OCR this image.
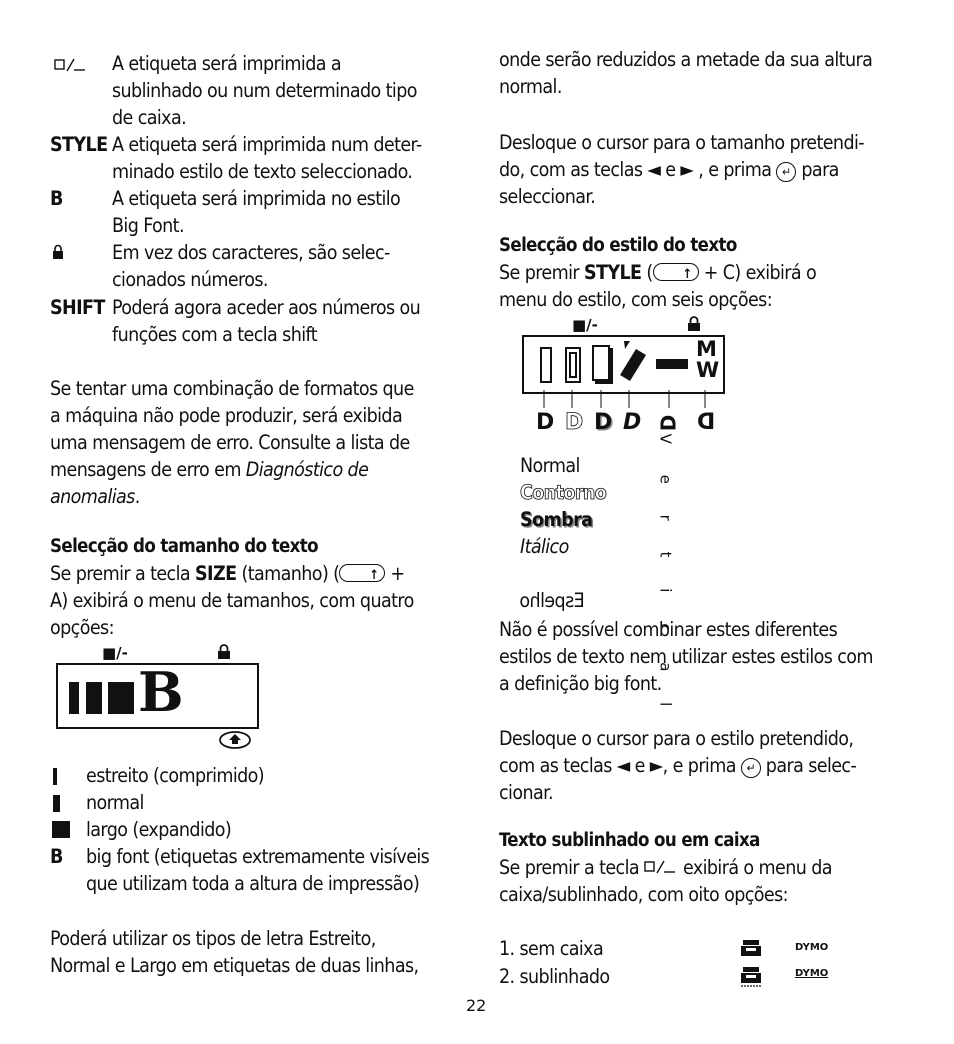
A etiqueta será imprimida a
sublinhado ou num determinado tipo
de caixa.
STYLE A etiqueta será imprimida num deter-
minado estilo de texto seleccionado.
B	A etiqueta será imprimida no estilo
Big Font.
Em vez dos caracteres, são selec-
cionados números.
SHIFT Poderá agora aceder aos números ou
funções com a tecla shift
Se tentar uma combinação de formatos que
a máquina não pode produzir, será exibida
uma mensagem de erro. Consulte a lista de
mensagens de erro em Diagnóstico de
anomalias.
Selecção do tamanho do texto
Se premir a tecla SIZE (tamanho) (↑ +
A) exibirá o menu de tamanhos, com quatro
opções:
■/-
B
estreito (comprimido)
normal
largo (expandido)
B big font (etiquetas extremamente visíveis
que utilizam toda a altura de impressão)
Poderá utilizar os tipos de letra Estreito,
Normal e Largo em etiquetas de duas linhas,
onde serão reduzidos a metade da sua altura
normal.
Desloque o cursor para o tamanho pretendi-
do, com as teclas ◄ e ► , e prima ↵ para
seleccionar.
Selecção do estilo do texto
Se premir STYLE (↑ + C) exibirá o
menu do estilo, com seis opções:
■/-
M
W
D D D D D D
Normal
Contorno
Sombra
Itálico	V e r t i c a l
Espelho
Não é possível combinar estes diferentes
estilos de texto nem utilizar estes estilos com
a definição big font.
Desloque o cursor para o estilo pretendido,
com as teclas ◄ e ►, e prima ↵ para selec-
cionar.
Texto sublinhado ou em caixa
Se premir a tecla  exibirá o menu da
caixa/sublinhado, com oito opções:
1. sem caixa	DYMO
2. sublinhado	DYMO
22
